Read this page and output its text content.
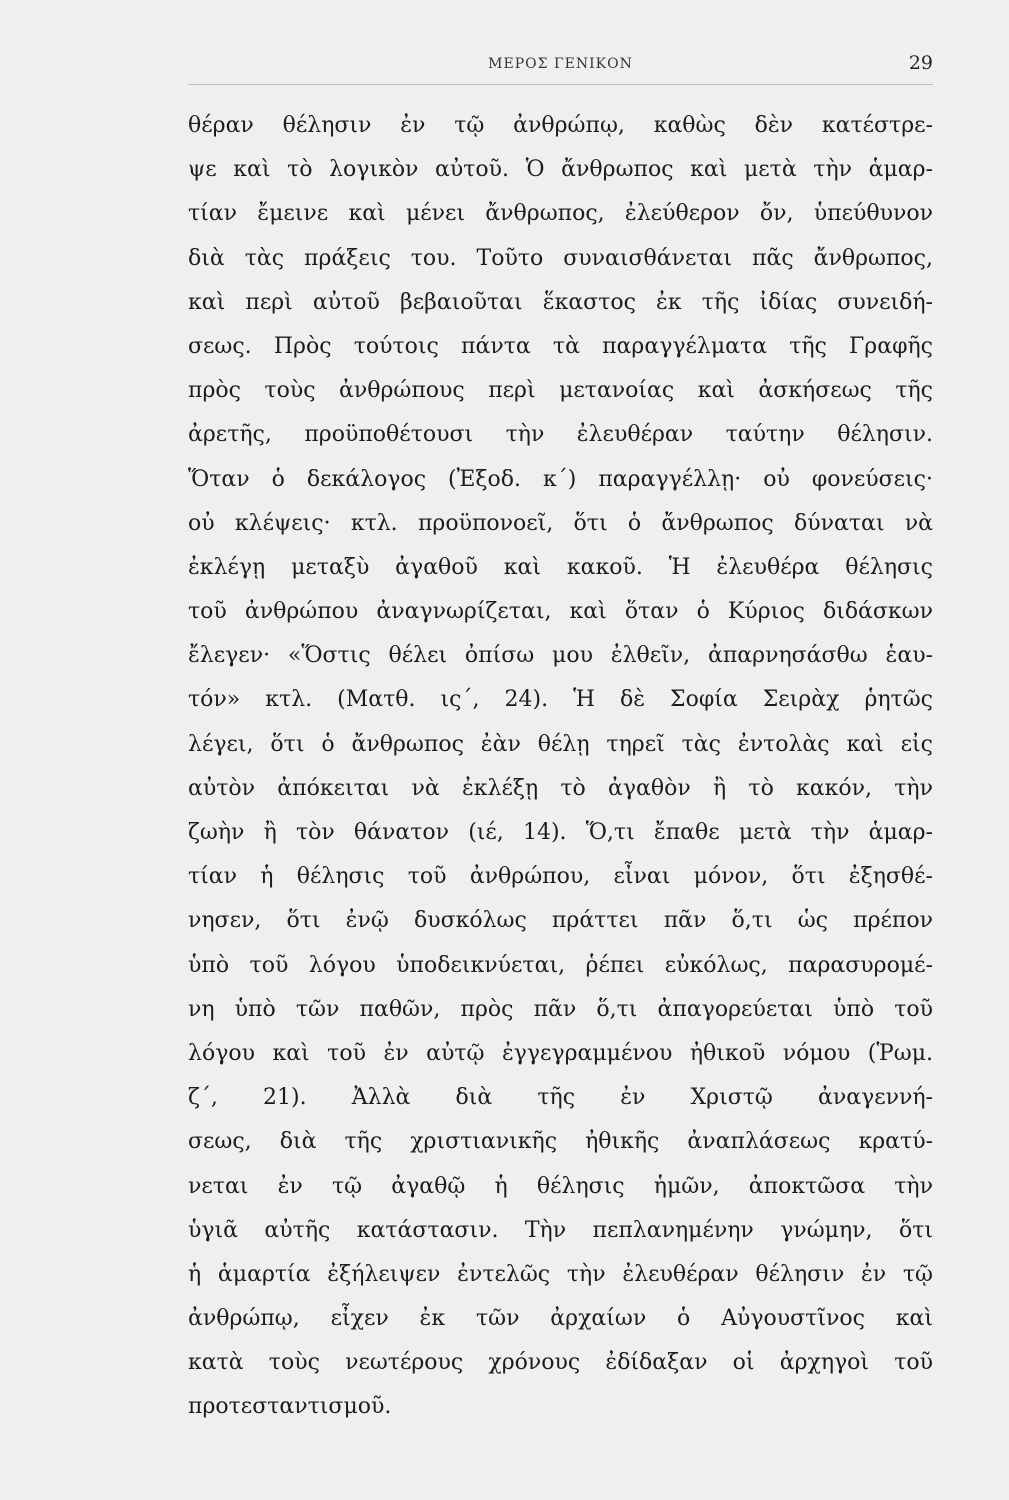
ΜΕΡΟΣ ΓΕΝΙΚΟΝ	29
θέραν θέλησιν ἐν τῷ ἀνθρώπῳ, καθὼς δὲν κατέστρε-
ψε καὶ τὸ λογικὸν αὐτοῦ. Ὁ ἄνθρωπος καὶ μετὰ τὴν ἁμαρ-
τίαν ἔμεινε καὶ μένει ἄνθρωπος, ἐλεύθερον ὄν, ὑπεύθυνον
διὰ τὰς πράξεις του. Τοῦτο συναισθάνεται πᾶς ἄνθρωπος,
καὶ περὶ αὐτοῦ βεβαιοῦται ἕκαστος ἐκ τῆς ἰδίας συνειδή-
σεως. Πρὸς τούτοις πάντα τὰ παραγγέλματα τῆς Γραφῆς
πρὸς τοὺς ἀνθρώπους περὶ μετανοίας καὶ ἀσκήσεως τῆς
ἀρετῆς, προϋποθέτουσι τὴν ἐλευθέραν ταύτην θέλησιν.
Ὅταν ὁ δεκάλογος (Ἐξοδ. κ΄) παραγγέλλῃ· οὐ φονεύσεις·
οὐ κλέψεις· κτλ. προϋπονοεῖ, ὅτι ὁ ἄνθρωπος δύναται νὰ
ἐκλέγῃ μεταξὺ ἀγαθοῦ καὶ κακοῦ. Ἡ ἐλευθέρα θέλησις
τοῦ ἀνθρώπου ἀναγνωρίζεται, καὶ ὅταν ὁ Κύριος διδάσκων
ἔλεγεν· «Ὅστις θέλει ὀπίσω μου ἐλθεῖν, ἀπαρνησάσθω ἑαυ-
τόν» κτλ. (Ματθ. ις΄, 24). Ἡ δὲ Σοφία Σειρὰχ ῥητῶς
λέγει, ὅτι ὁ ἄνθρωπος ἐὰν θέλῃ τηρεῖ τὰς ἐντολὰς καὶ εἰς
αὐτὸν ἀπόκειται νὰ ἐκλέξῃ τὸ ἀγαθὸν ἢ τὸ κακόν, τὴν
ζωὴν ἢ τὸν θάνατον (ιέ, 14). Ὅ,τι ἔπαθε μετὰ τὴν ἁμαρ-
τίαν ἡ θέλησις τοῦ ἀνθρώπου, εἶναι μόνον, ὅτι ἐξησθέ-
νησεν, ὅτι ἐνῷ δυσκόλως πράττει πᾶν ὅ,τι ὡς πρέπον
ὑπὸ τοῦ λόγου ὑποδεικνύεται, ῥέπει εὐκόλως, παρασυρομέ-
νη ὑπὸ τῶν παθῶν, πρὸς πᾶν ὅ,τι ἀπαγορεύεται ὑπὸ τοῦ
λόγου καὶ τοῦ ἐν αὐτῷ ἐγγεγραμμένου ἠθικοῦ νόμου (Ῥωμ.
ζ΄, 21). Ἀλλὰ διὰ τῆς ἐν Χριστῷ ἀναγεννή-
σεως, διὰ τῆς χριστιανικῆς ἠθικῆς ἀναπλάσεως κρατύ-
νεται ἐν τῷ ἀγαθῷ ἡ θέλησις ἡμῶν, ἀποκτῶσα τὴν
ὑγιᾶ αὐτῆς κατάστασιν. Τὴν πεπλανημένην γνώμην, ὅτι
ἡ ἁμαρτία ἐξήλειψεν ἐντελῶς τὴν ἐλευθέραν θέλησιν ἐν τῷ
ἀνθρώπῳ, εἶχεν ἐκ τῶν ἀρχαίων ὁ Αὐγουστῖνος καὶ
κατὰ τοὺς νεωτέρους χρόνους ἐδίδαξαν οἱ ἀρχηγοὶ τοῦ
προτεσταντισμοῦ.
